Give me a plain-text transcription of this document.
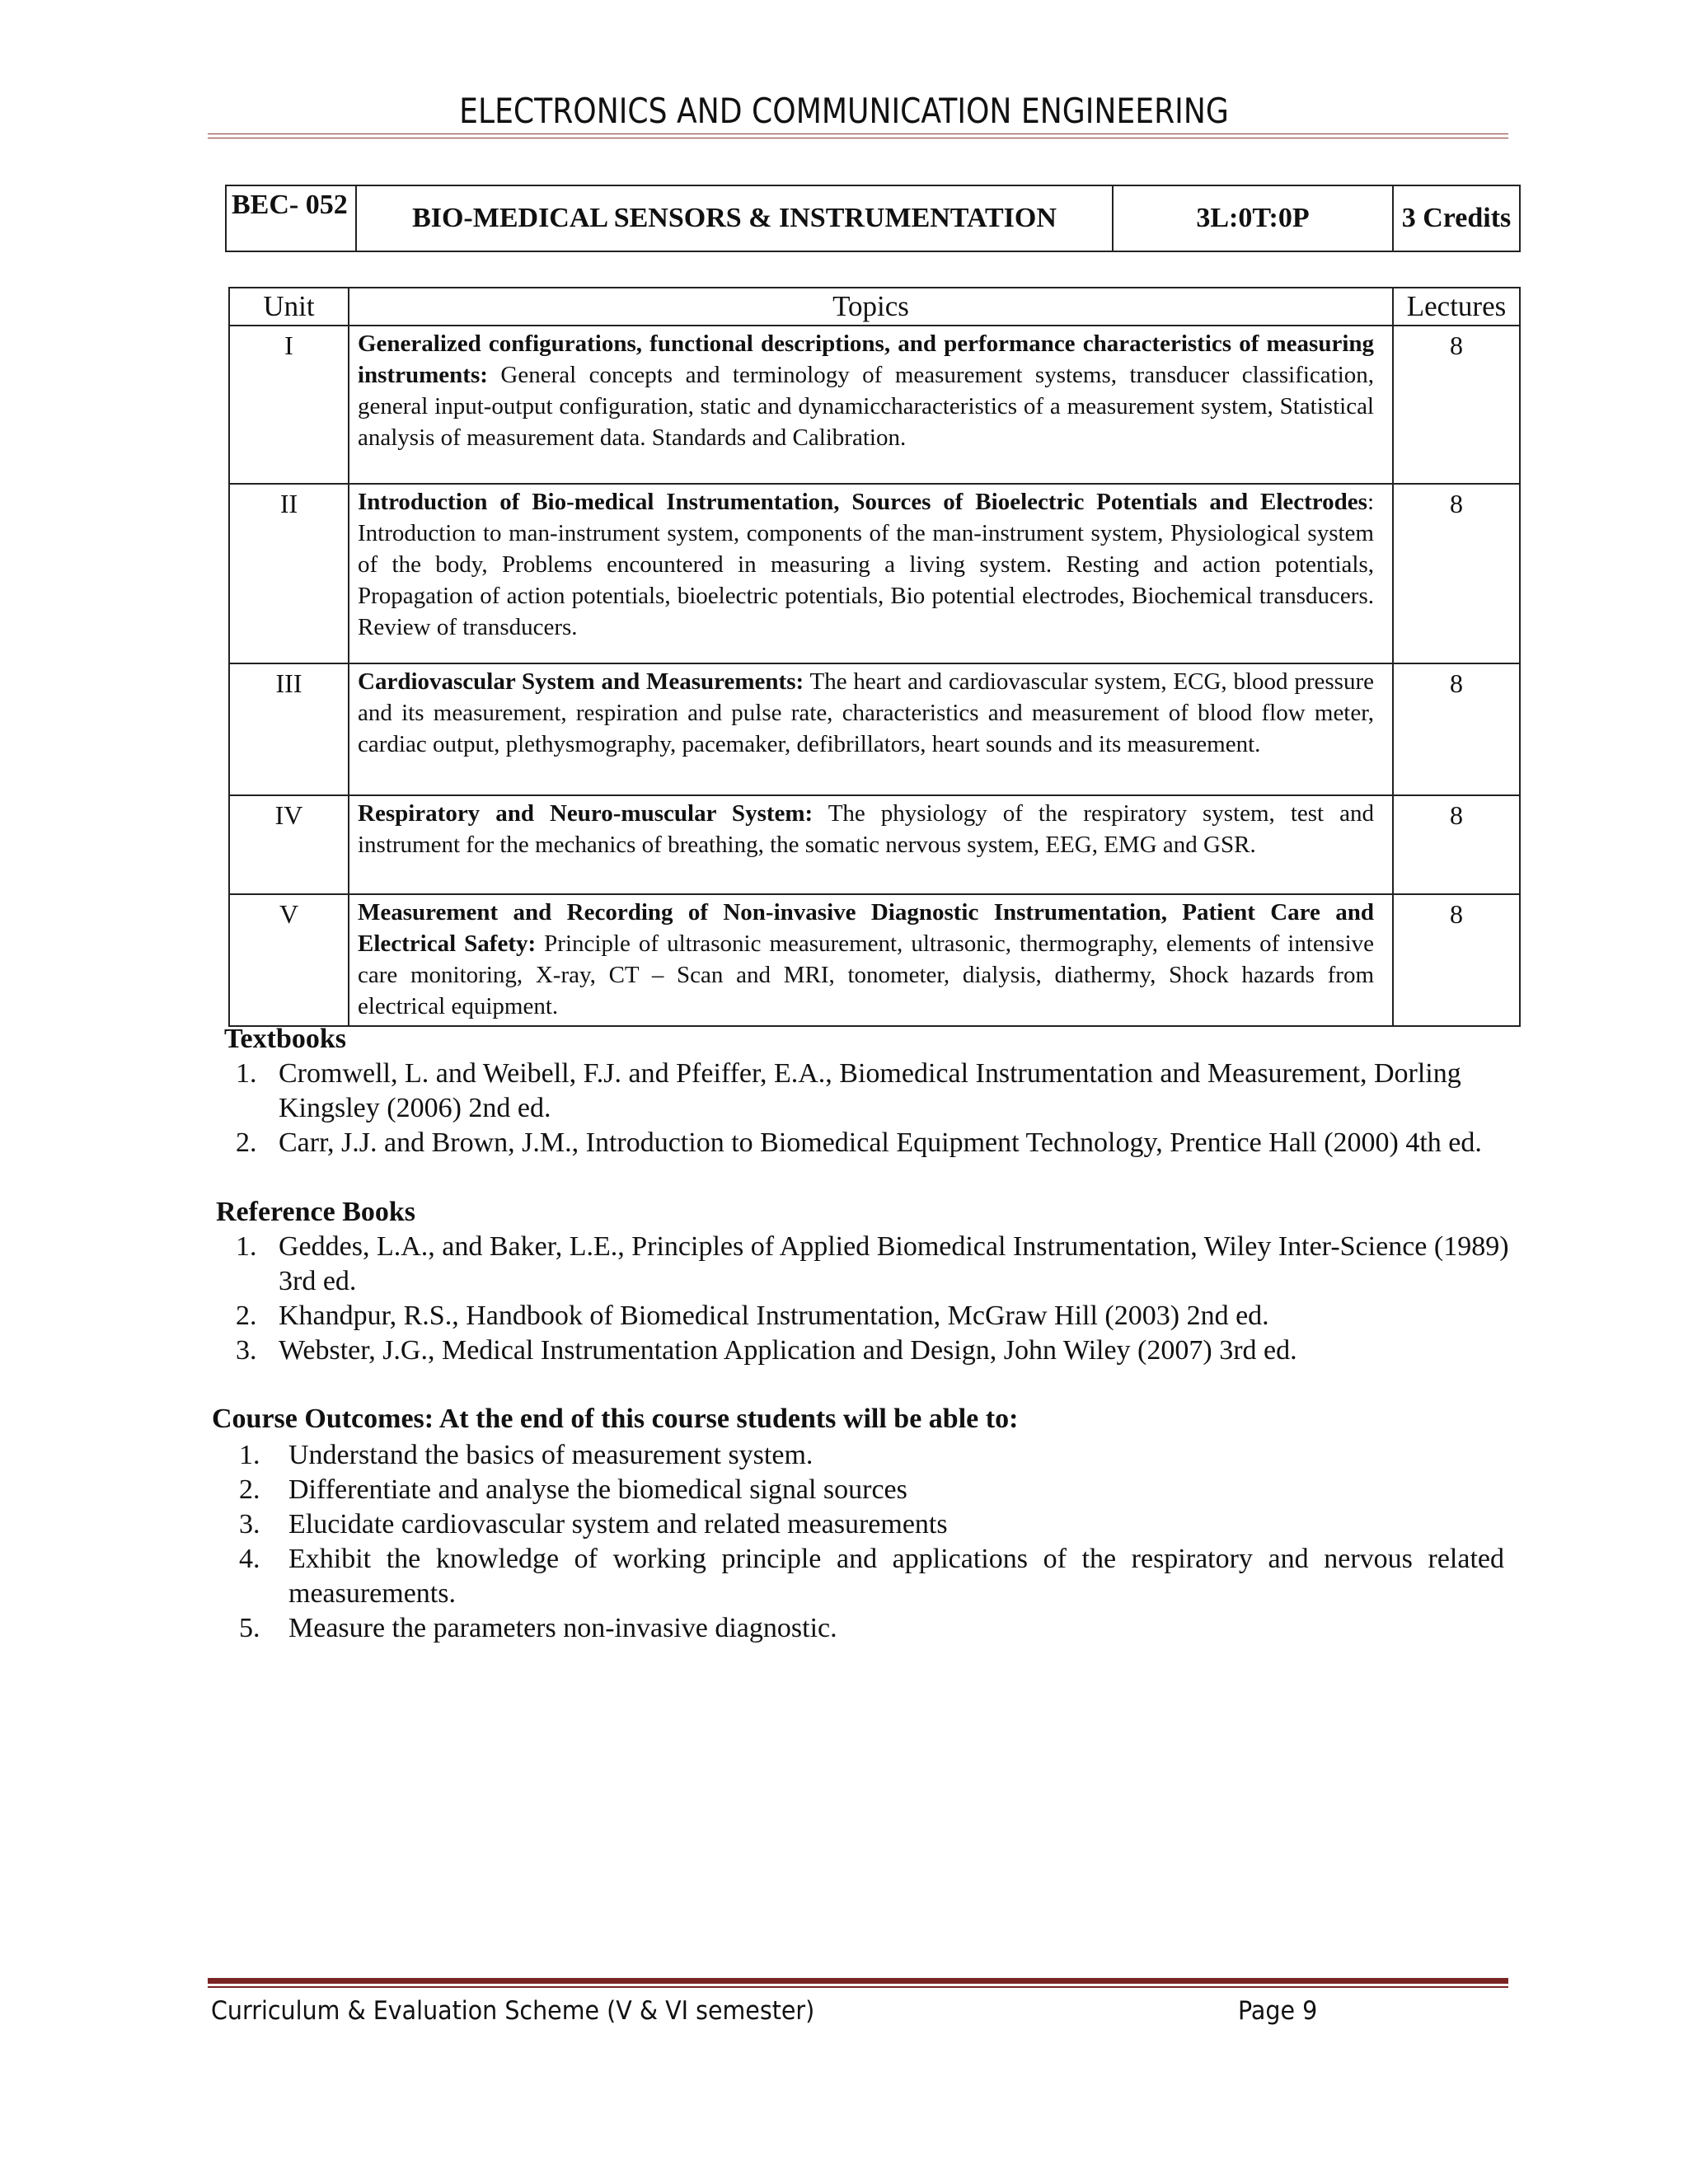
ELECTRONICS AND COMMUNICATION ENGINEERING
BEC- 052	BIO-MEDICAL SENSORS & INSTRUMENTATION	3L:0T:0P	3 Credits
Unit	Topics	Lectures
I	Generalized configurations, functional descriptions, and performance characteristics of measuring instruments: General concepts and terminology of measurement systems, transducer classification, general input-output configuration, static and dynamiccharacteristics of a measurement system, Statistical analysis of measurement data. Standards and Calibration.	8
II	Introduction of Bio-medical Instrumentation, Sources of Bioelectric Potentials and Electrodes: Introduction to man-instrument system, components of the man-instrument system, Physiological system of the body, Problems encountered in measuring a living system. Resting and action potentials, Propagation of action potentials, bioelectric potentials, Bio potential electrodes, Biochemical transducers. Review of transducers.	8
III	Cardiovascular System and Measurements: The heart and cardiovascular system, ECG, blood pressure and its measurement, respiration and pulse rate, characteristics and measurement of blood flow meter, cardiac output, plethysmography, pacemaker, defibrillators, heart sounds and its measurement.	8
IV	Respiratory and Neuro-muscular System: The physiology of the respiratory system, test and instrument for the mechanics of breathing, the somatic nervous system, EEG, EMG and GSR.	8
V	Measurement and Recording of Non-invasive Diagnostic Instrumentation, Patient Care and Electrical Safety: Principle of ultrasonic measurement, ultrasonic, thermography, elements of intensive care monitoring, X-ray, CT – Scan and MRI, tonometer, dialysis, diathermy, Shock hazards from electrical equipment.	8
Textbooks
1. Cromwell, L. and Weibell, F.J. and Pfeiffer, E.A., Biomedical Instrumentation and Measurement, Dorling Kingsley (2006) 2nd ed.
2. Carr, J.J. and Brown, J.M., Introduction to Biomedical Equipment Technology, Prentice Hall (2000) 4th ed.
Reference Books
1. Geddes, L.A., and Baker, L.E., Principles of Applied Biomedical Instrumentation, Wiley Inter-Science (1989) 3rd ed.
2. Khandpur, R.S., Handbook of Biomedical Instrumentation, McGraw Hill (2003) 2nd ed.
3. Webster, J.G., Medical Instrumentation Application and Design, John Wiley (2007) 3rd ed.
Course Outcomes: At the end of this course students will be able to:
1. Understand the basics of measurement system.
2. Differentiate and analyse the biomedical signal sources
3. Elucidate cardiovascular system and related measurements
4. Exhibit the knowledge of working principle and applications of the respiratory and nervous related measurements.
5. Measure the parameters non-invasive diagnostic.
Curriculum & Evaluation Scheme (V & VI semester)	Page 9
